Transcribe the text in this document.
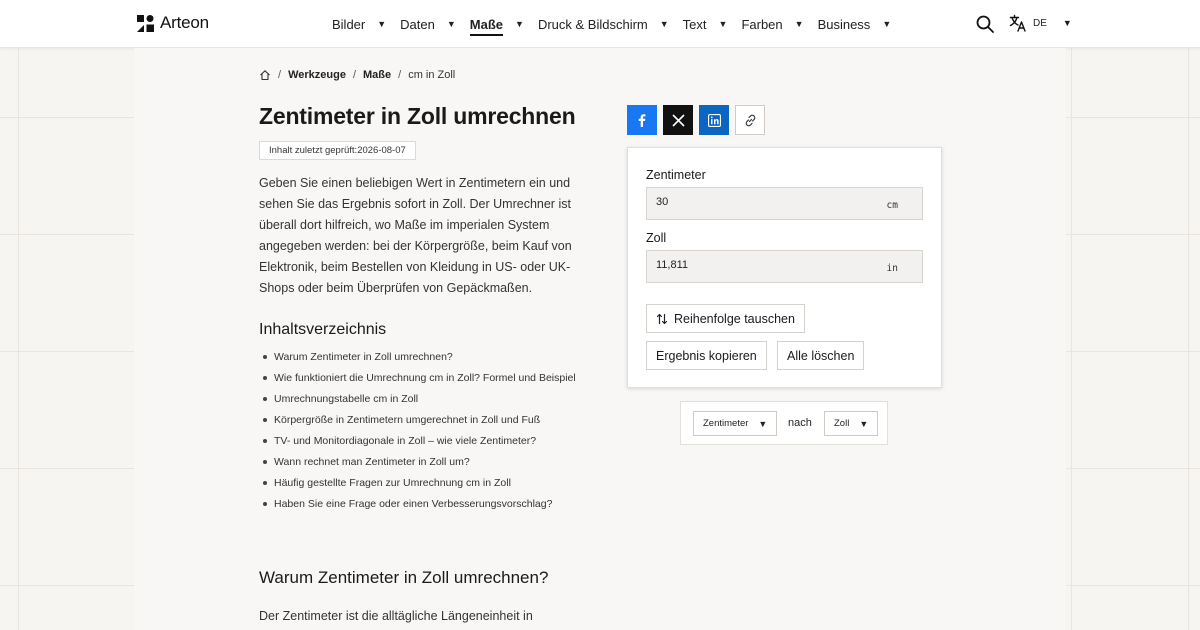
Arteon	Bilder ▼ Daten ▼ Maße ▼ Druck & Bildschirm ▼ Text ▼ Farben ▼ Business ▼	DE ▼
/ Werkzeuge / Maße / cm in Zoll
Zentimeter in Zoll umrechnen
Inhalt zuletzt geprüft:2026-08-07

Geben Sie einen beliebigen Wert in Zentimetern ein und sehen Sie das Ergebnis sofort in Zoll. Der Umrechner ist überall dort hilfreich, wo Maße im imperialen System angegeben werden: bei der Körpergröße, beim Kauf von Elektronik, beim Bestellen von Kleidung in US- oder UK-Shops oder beim Überprüfen von Gepäckmaßen.

Inhaltsverzeichnis
Warum Zentimeter in Zoll umrechnen?
Wie funktioniert die Umrechnung cm in Zoll? Formel und Beispiel
Umrechnungstabelle cm in Zoll
Körpergröße in Zentimetern umgerechnet in Zoll und Fuß
TV- und Monitordiagonale in Zoll – wie viele Zentimeter?
Wann rechnet man Zentimeter in Zoll um?
Häufig gestellte Fragen zur Umrechnung cm in Zoll
Haben Sie eine Frage oder einen Verbesserungsvorschlag?
Warum Zentimeter in Zoll umrechnen?

Der Zentimeter ist die alltägliche Längeneinheit in

Zentimeter
30
cm
Zoll
11,811
in
Reihenfolge tauschen
Ergebnis kopieren Alle löschen
Zentimeter ▼ nach Zoll ▼
